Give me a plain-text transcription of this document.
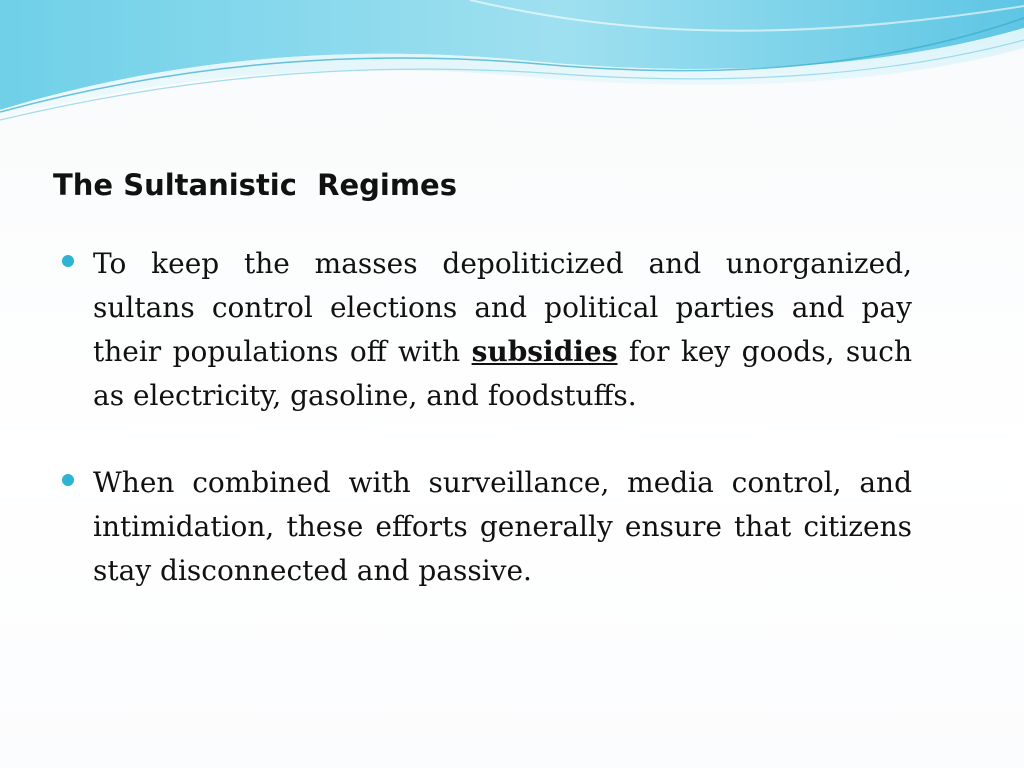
The Sultanistic  Regimes
To keep the masses depoliticized and unorganized, sultans control elections and political parties and pay their populations off with subsidies for key goods, such as electricity, gasoline, and foodstuffs.
When combined with surveillance, media control, and intimidation, these efforts generally ensure that citizens stay disconnected and passive.
